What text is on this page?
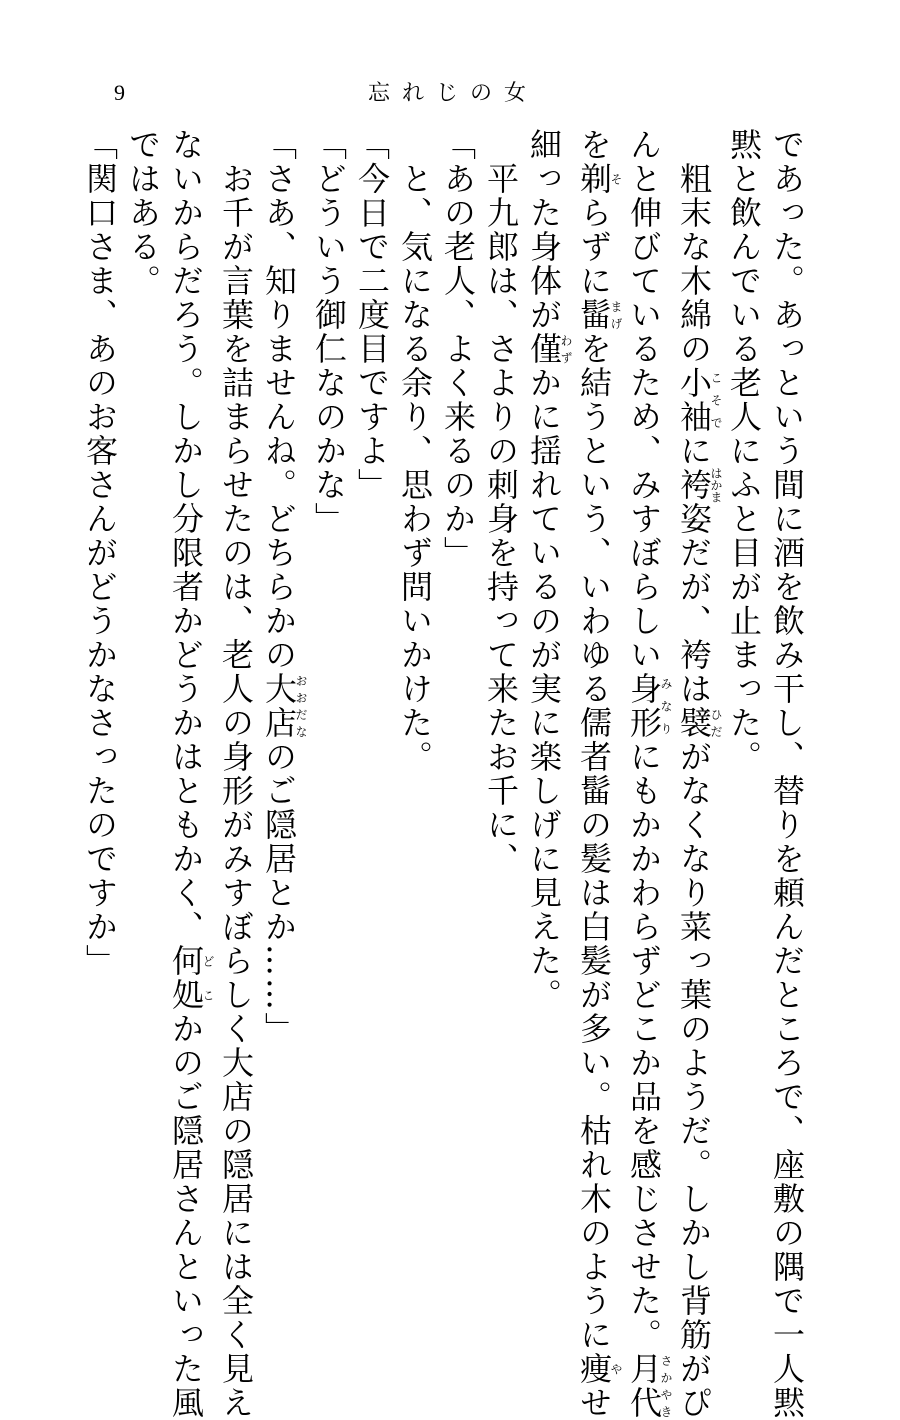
9	忘れじの女

であった。あっという間に酒を飲み干し、替りを頼んだところで、座敷の隅で一人黙

黙と飲んでいる老人にふと目が止まった。

　粗末な木綿の小袖こそでに袴はかま姿だが、袴は襞ひだがなくなり菜っ葉のようだ。しかし背筋がぴ

んと伸びているため、みすぼらしい身形みなりにもかかわらずどこか品を感じさせた。月代さかやき

を剃そらずに髷まげを結うという、いわゆる儒者髷の髪は白髪が多い。枯れ木のように痩やせ

細った身体が僅わずかに揺れているのが実に楽しげに見えた。

　平九郎は、さよりの刺身を持って来たお千に、

「あの老人、よく来るのか」

　と、気になる余り、思わず問いかけた。

「今日で二度目ですよ」

「どういう御仁なのかな」

「さあ、知りませんね。どちらかの大店おおだなのご隠居とか……」

　お千が言葉を詰まらせたのは、老人の身形がみすぼらしく大店の隠居には全く見え

ないからだろう。しかし分限者かどうかはともかく、何処どこかのご隠居さんといった風

ではある。

「関口さま、あのお客さんがどうかなさったのですか」
